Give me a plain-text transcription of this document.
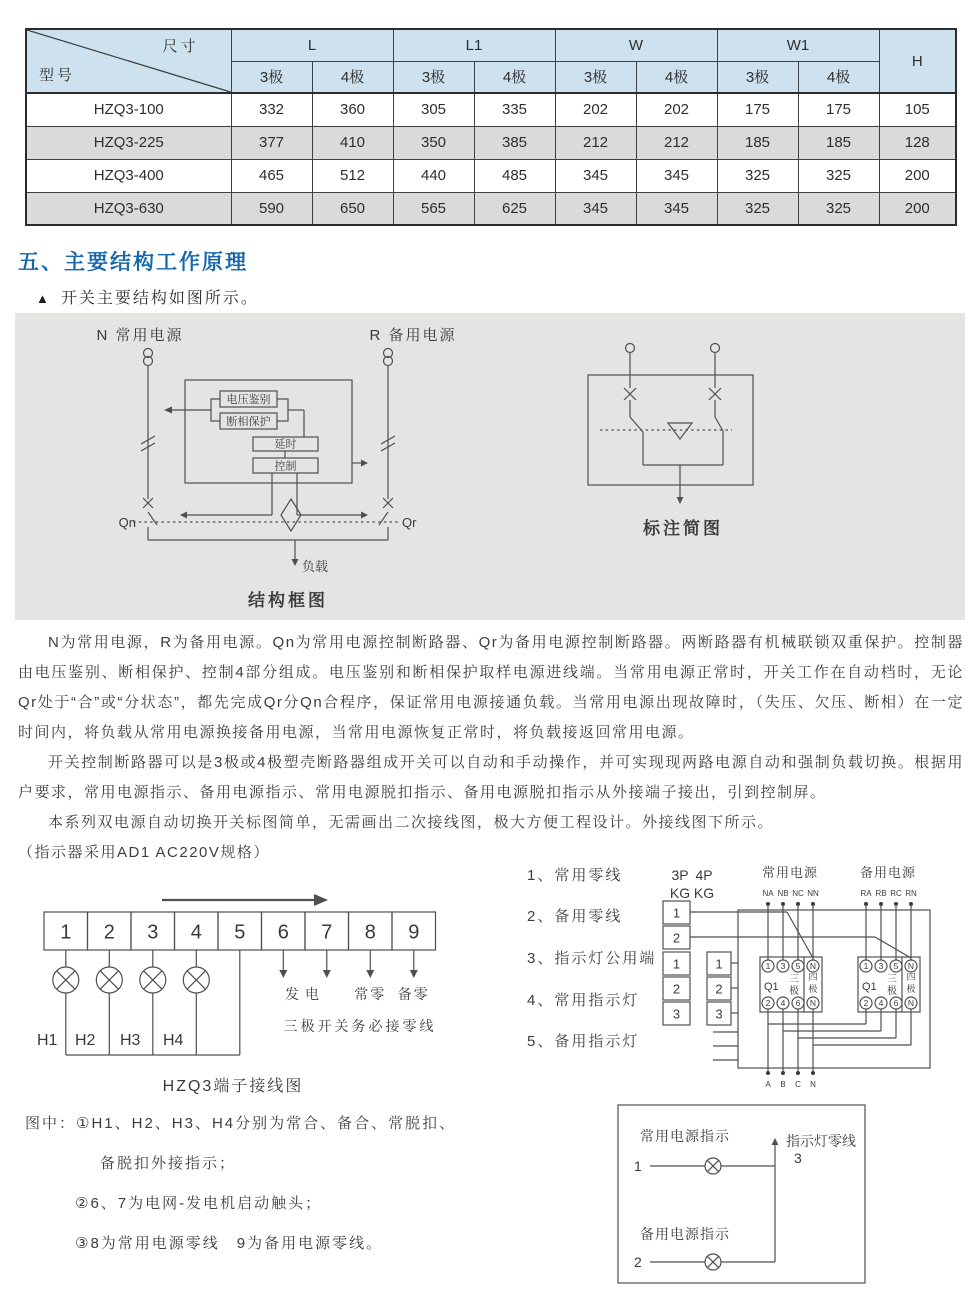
尺寸
型号	L		L1		W		W1		H
	3极	4极	3极	4极	3极	4极	3极	4极	
HZQ3-100	332	360	305	335	202	202	175	175	105
HZQ3-225	377	410	350	385	212	212	185	185	128
HZQ3-400	465	512	440	485	345	345	325	325	200
HZQ3-630	590	650	565	625	345	345	325	325	200
五、主要结构工作原理
▲ 开关主要结构如图所示。
N 常用电源	R 备用电源
电压鉴别
断相保护
延时
控制
Qn	Qr
负载
结构框图
标注简图

N为常用电源，R为备用电源。Qn为常用电源控制断路器、Qr为备用电源控制断路器。两断路器有机械联锁双重保护。控制器由电压鉴别、断相保护、控制4部分组成。电压鉴别和断相保护取样电源进线端。当常用电源正常时，开关工作在自动档时，无论Qr处于“合”或“分状态”，都先完成Qr分Qn合程序，保证常用电源接通负载。当常用电源出现故障时，（失压、欠压、断相）在一定时间内，将负载从常用电源换接备用电源，当常用电源恢复正常时，将负载接返回常用电源。

开关控制断路器可以是3极或4极塑壳断路器组成开关可以自动和手动操作，并可实现现两路电源自动和强制负载切换。根据用户要求，常用电源指示、备用电源指示、常用电源脱扣指示、备用电源脱扣指示从外接端子接出，引到控制屏。

本系列双电源自动切换开关标图简单，无需画出二次接线图，极大方便工程设计。外接线图下所示。

（指示器采用AD1 AC220V规格）

1 2 3 4 5 6 7 8 9
H1 H2 H3 H4
发电 常零 备零
三极开关务必接零线
HZQ3端子接线图
1、常用零线
2、备用零线
3、指示灯公用端
4、常用指示灯
5、备用指示灯
3P 4P
KG KG
1
2
1
2
3
1
2
3
常用电源	备用电源
NA NB NC NN	RA RB RC RN
1 3 5 N
2 4 6 N
Q1
三
极
四
极
1 3 5 N
2 4 6 N
Q1
三
极
四
极
A B C N
图中：①H1、H2、H3、H4分别为常合、备合、常脱扣、
备脱扣外接指示；
②6、7为电网-发电机启动触头；
③8为常用电源零线　9为备用电源零线。
常用电源指示
1
指示灯零线
3
备用电源指示
2
